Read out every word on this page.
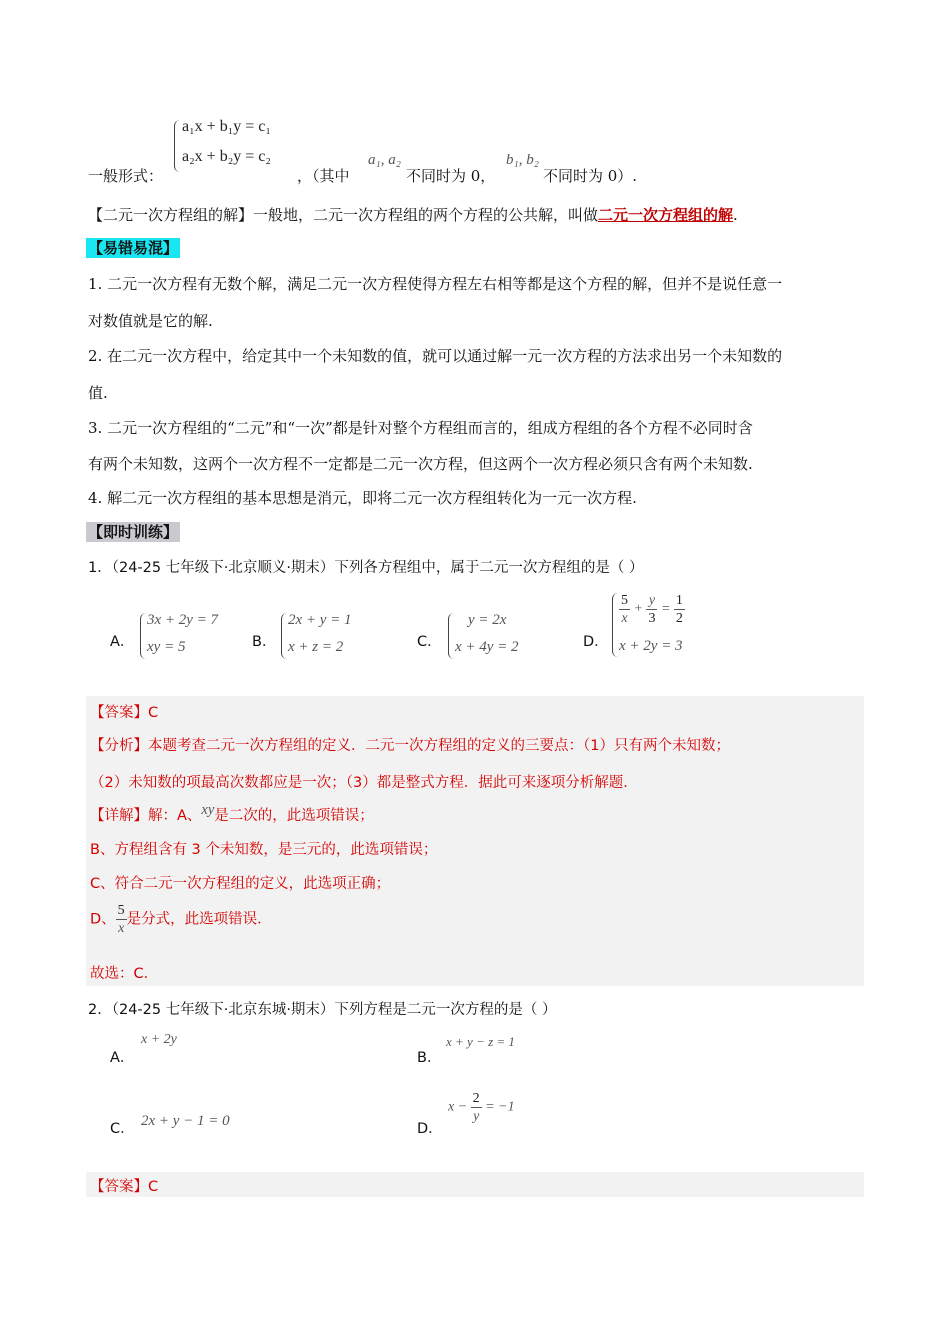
a₁x + b₁y = c₁
a₂x + b₂y = c₂
一般形式：	，（其中
a₁, a₂
不同时为 0，
b₁, b₂
不同时为 0）.
【二元一次方程组的解】一般地，二元一次方程组的两个方程的公共解，叫做二元一次方程组的解.
【易错易混】
1. 二元一次方程有无数个解，满足二元一次方程使得方程左右相等都是这个方程的解，但并不是说任意一
对数值就是它的解.
2. 在二元一次方程中，给定其中一个未知数的值，就可以通过解一元一次方程的方法求出另一个未知数的
值.
3. 二元一次方程组的“二元”和“一次”都是针对整个方程组而言的，组成方程组的各个方程不必同时含
有两个未知数，这两个一次方程不一定都是二元一次方程，但这两个一次方程必须只含有两个未知数.
4. 解二元一次方程组的基本思想是消元，即将二元一次方程组转化为一元一次方程.
【即时训练】
1．（24-25 七年级下·北京顺义·期末）下列各方程组中，属于二元一次方程组的是（ ）
A．
3x + 2y = 7
xy = 5	B．
2x + y = 1
x + z = 2	C．
y = 2x
x + 4y = 2	D．
$\frac{5}{x} + \frac{y}{3} = \frac{1}{2}$
x + 2y = 3
【答案】C
【分析】本题考查二元一次方程组的定义．二元一次方程组的定义的三要点：（1）只有两个未知数；
（2）未知数的项最高次数都应是一次；（3）都是整式方程．据此可来逐项分析解题．
【详解】解：A、xy是二次的，此选项错误；
B、方程组含有 3 个未知数，是三元的，此选项错误；
C、符合二元一次方程组的定义，此选项正确；
D、 $\frac{5}{x}$ 是分式，此选项错误．
故选：C．
2．（24-25 七年级下·北京东城·期末）下列方程是二元一次方程的是（ ）
A．
x + 2y
B．
x + y − z = 1
C． 2x + y − 1 = 0	D．
$x - \frac{2}{y} = -1$
【答案】C
